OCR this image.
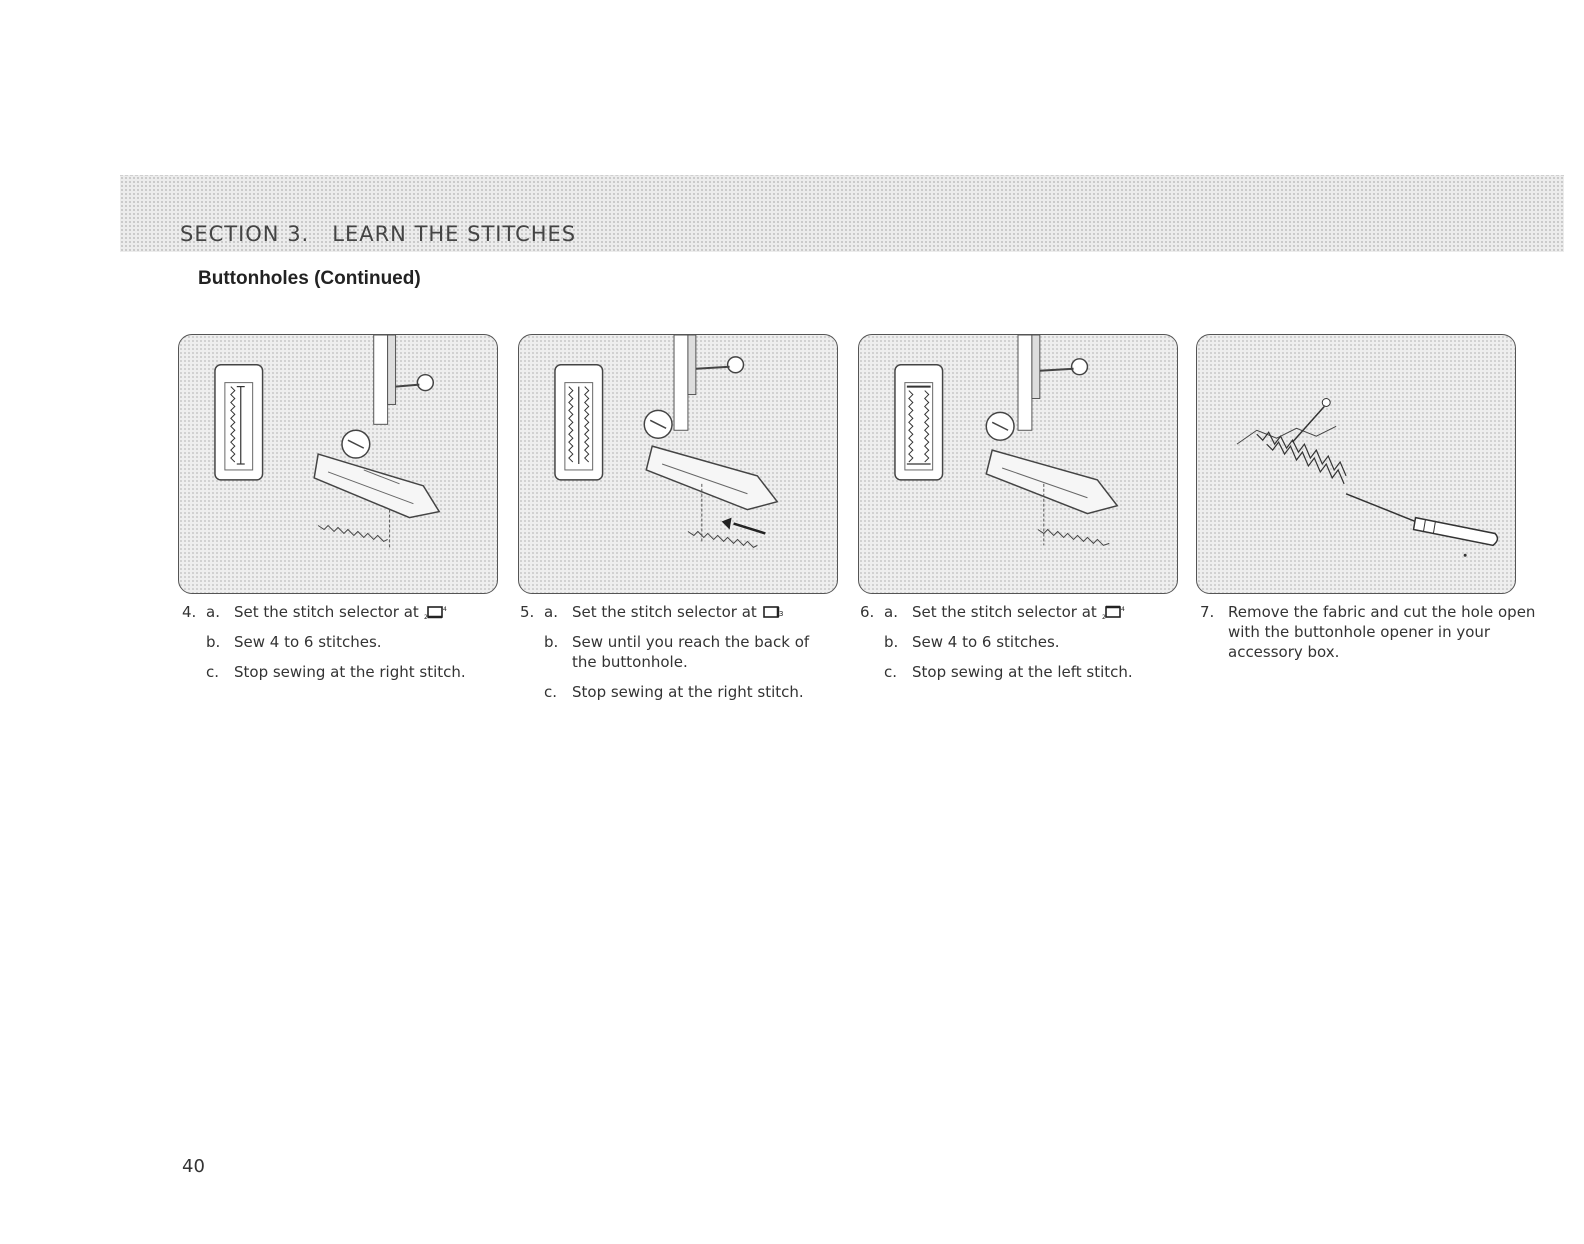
SECTION 3.   LEARN THE STITCHES
Buttonholes (Continued)
4. a. Set the stitch selector at 2
4
b. Sew 4 to 6 stitches.
c. Stop sewing at the right stitch.
5. a. Set the stitch selector at	3
b. Sew until you reach the back of the buttonhole.
c. Stop sewing at the right stitch.
6. a. Set the stitch selector at 2
4
b. Sew 4 to 6 stitches.
c. Stop sewing at the left stitch.
7. Remove the fabric and cut the hole open with the buttonhole opener in your accessory box.
40
